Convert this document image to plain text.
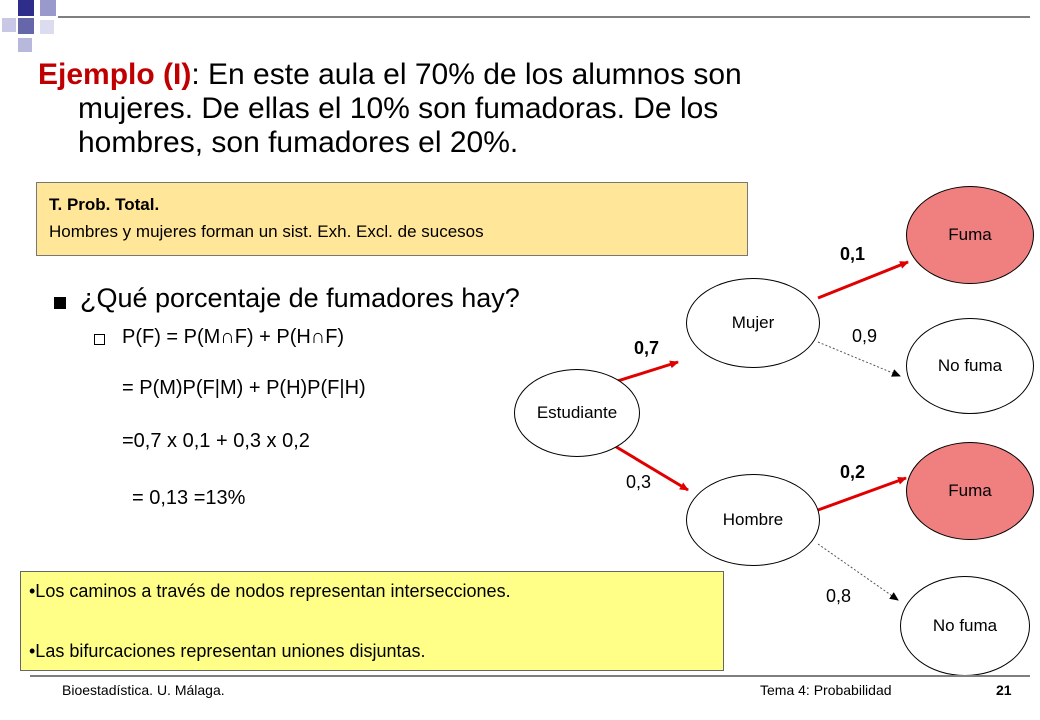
Ejemplo (I): En este aula el 70% de los alumnos son
mujeres. De ellas el 10% son fumadoras. De los
hombres, son fumadores el 20%.
T. Prob. Total.
Hombres y mujeres forman un sist. Exh. Excl. de sucesos
¿Qué porcentaje de fumadores hay?
P(F) = P(M∩F) + P(H∩F)
= P(M)P(F|M) + P(H)P(F|H)
=0,7 x 0,1 + 0,3 x 0,2
= 0,13 =13%
Estudiante
Mujer
Hombre
Fuma
No fuma
Fuma
No fuma
0,7
0,3
0,1
0,9
0,2
0,8
•Los caminos a través de nodos representan intersecciones.
•Las bifurcaciones representan uniones disjuntas.
Bioestadística. U. Málaga.	Tema 4: Probabilidad	21
